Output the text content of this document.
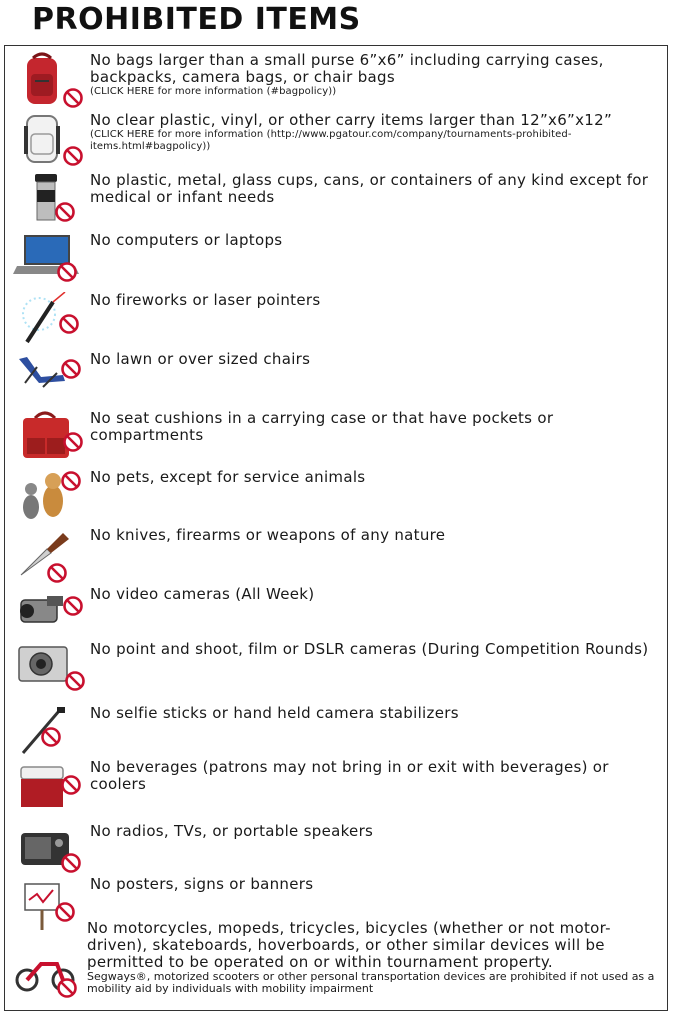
PROHIBITED ITEMS
No bags larger than a small purse 6”x6” including carrying cases, backpacks, camera bags, or chair bags
(CLICK HERE for more information (#bagpolicy))
No clear plastic, vinyl, or other carry items larger than 12”x6”x12”
(CLICK HERE for more information (http://www.pgatour.com/company/tournaments-prohibited-items.html#bagpolicy))
No plastic, metal, glass cups, cans, or containers of any kind except for medical or infant needs
No computers or laptops
No fireworks or laser pointers
No lawn or over sized chairs
No seat cushions in a carrying case or that have pockets or compartments
No pets, except for service animals
No knives, firearms or weapons of any nature
No video cameras (All Week)
No point and shoot, film or DSLR cameras (During Competition Rounds)
No selfie sticks or hand held camera stabilizers
No beverages (patrons may not bring in or exit with beverages) or coolers
No radios, TVs, or portable speakers
No posters, signs or banners
No motorcycles, mopeds, tricycles, bicycles (whether or not motor-driven), skateboards, hoverboards, or other similar devices will be permitted to be operated on or within tournament property.
Segways®, motorized scooters or other personal transportation devices are prohibited if not used as a mobility aid by individuals with mobility impairment
